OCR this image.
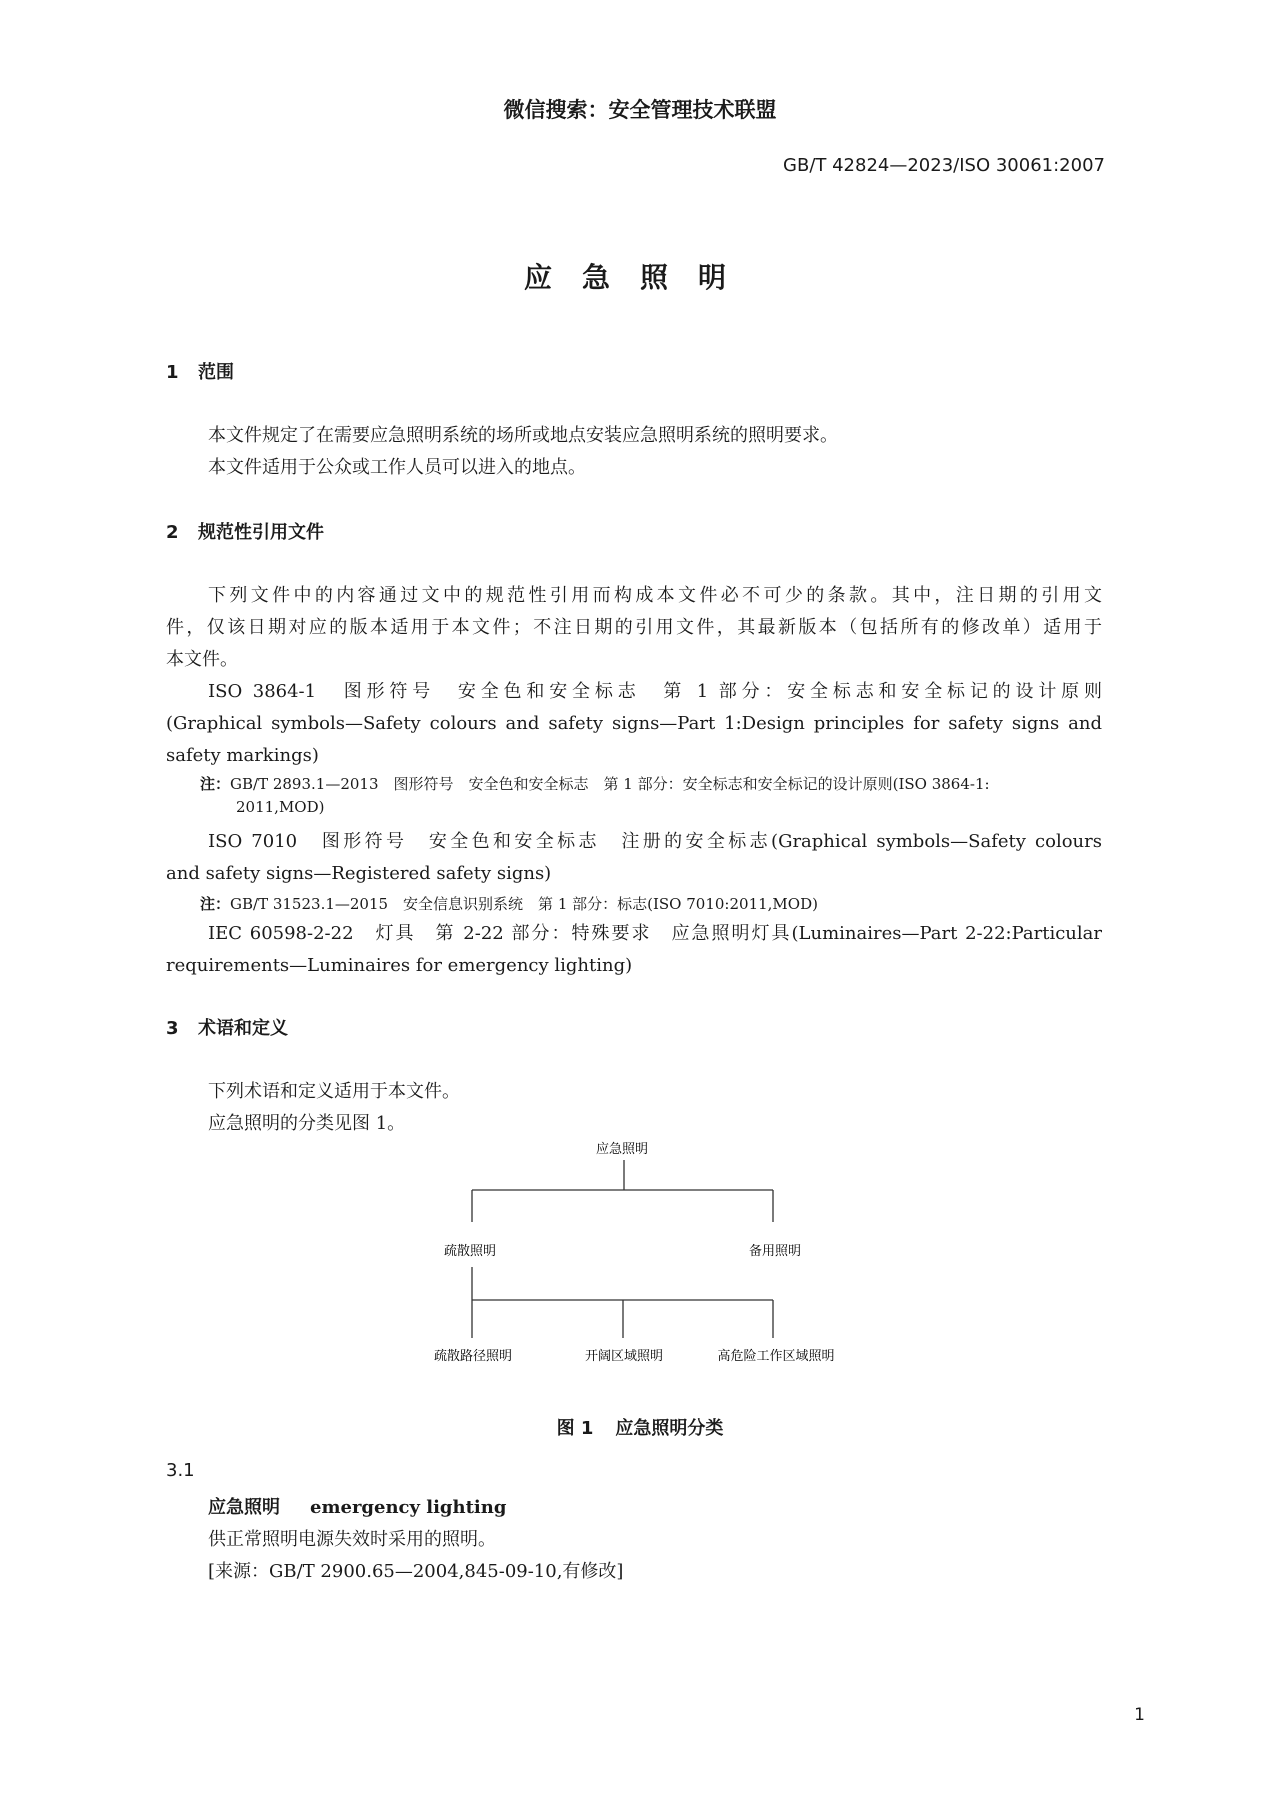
微信搜索：安全管理技术联盟
GB/T 42824—2023/ISO 30061:2007
应急照明
1 范围
本文件规定了在需要应急照明系统的场所或地点安装应急照明系统的照明要求。
本文件适用于公众或工作人员可以进入的地点。
2 规范性引用文件
下列文件中的内容通过文中的规范性引用而构成本文件必不可少的条款。其中，注日期的引用文
件，仅该日期对应的版本适用于本文件；不注日期的引用文件，其最新版本（包括所有的修改单）适用于
本文件。
ISO 3864-1　图形符号　安全色和安全标志　第 1 部分：安全标志和安全标记的设计原则
(Graphical symbols—Safety colours and safety signs—Part 1:Design principles for safety signs and
safety markings)
注：GB/T 2893.1—2013　图形符号　安全色和安全标志　第 1 部分：安全标志和安全标记的设计原则(ISO 3864-1:
2011,MOD)
ISO 7010　图形符号　安全色和安全标志　注册的安全标志(Graphical symbols—Safety colours
and safety signs—Registered safety signs)
注：GB/T 31523.1—2015　安全信息识别系统　第 1 部分：标志(ISO 7010:2011,MOD)
IEC 60598-2-22　灯具　第 2-22 部分：特殊要求　应急照明灯具(Luminaires—Part 2-22:Particular
requirements—Luminaires for emergency lighting)
3 术语和定义
下列术语和定义适用于本文件。
应急照明的分类见图 1。
应急照明
疏散照明	备用照明
疏散路径照明	开阔区域照明	高危险工作区域照明
图 1 应急照明分类
3.1
应急照明 emergency lighting
供正常照明电源失效时采用的照明。
[来源：GB/T 2900.65—2004,845-09-10,有修改]
1
